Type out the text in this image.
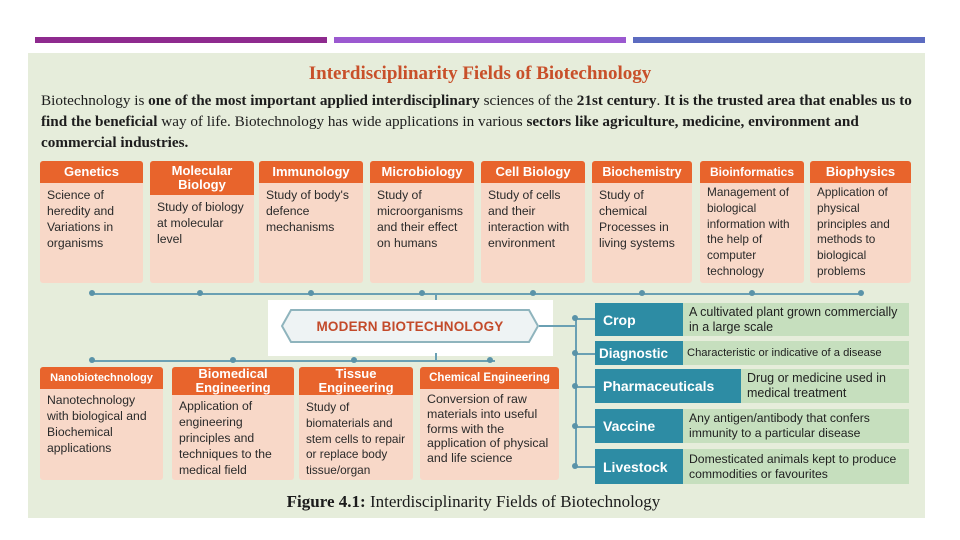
Interdisciplinarity Fields of Biotechnology
Biotechnology is one of the most important applied interdisciplinary sciences of the 21st century. It is the trusted area that enables us to find the beneficial way of life. Biotechnology has wide applications in various sectors like agriculture, medicine, environment and commercial industries.
Genetics
Science of heredity and Variations in organisms
Molecular Biology
Study of biology at molecular level
Immunology
Study of body's defence mechanisms
Microbiology
Study of microorganisms and their effect on humans
Cell Biology
Study of cells and their interaction with environment
Biochemistry
Study of chemical Processes in living systems
Bioinformatics
Management of biological information with the help of computer technology
Biophysics
Application of physical principles and methods to biological problems
MODERN BIOTECHNOLOGY
Nanobiotechnology
Nanotechnology with biological and Biochemical applications
Biomedical Engineering
Application of engineering principles and techniques to the medical field
Tissue Engineering
Study of biomaterials and stem cells to repair or replace body tissue/organ
Chemical Engineering
Conversion of raw materials into useful forms with the application of physical and life science
Crop	A cultivated plant grown commercially in a large scale
Diagnostic	Characteristic or indicative of a disease
Pharmaceuticals	Drug or medicine used in medical treatment
Vaccine	Any antigen/antibody that confers immunity to a particular disease
Livestock	Domesticated animals kept to produce commodities or favourites
Figure 4.1: Interdisciplinarity Fields of Biotechnology
